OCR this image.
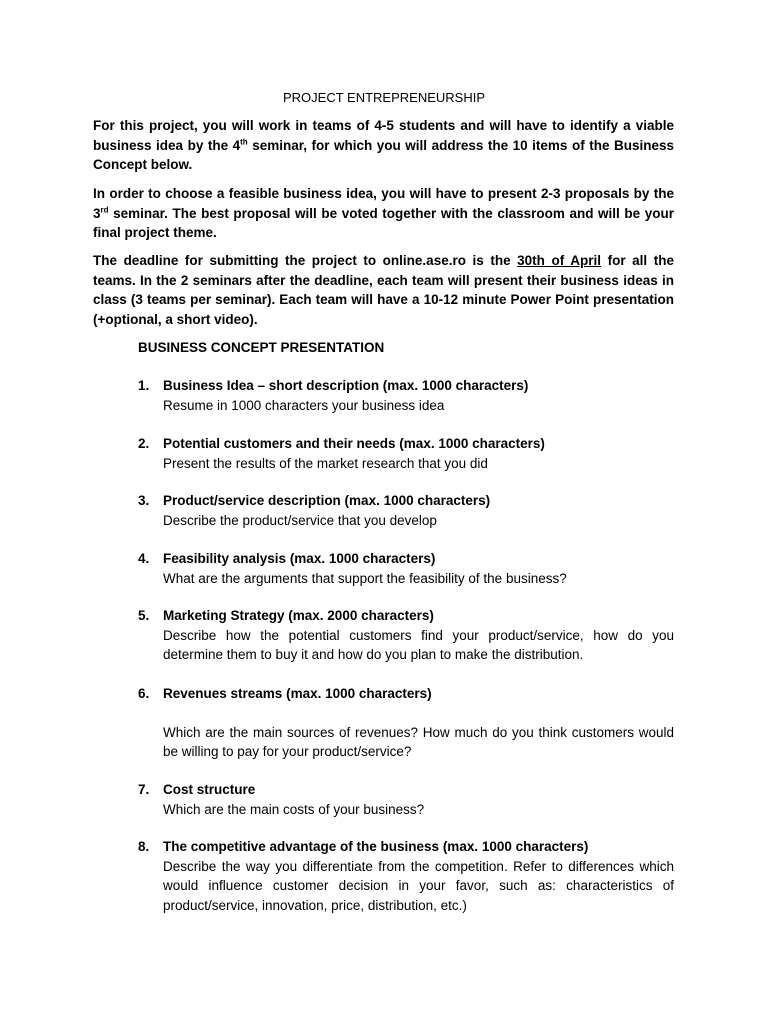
PROJECT ENTREPRENEURSHIP

For this project, you will work in teams of 4-5 students and will have to identify a viable business idea by the 4th seminar, for which you will address the 10 items of the Business Concept below.

In order to choose a feasible business idea, you will have to present 2-3 proposals by the 3rd seminar. The best proposal will be voted together with the classroom and will be your final project theme.

The deadline for submitting the project to online.ase.ro is the 30th of April for all the teams. In the 2 seminars after the deadline, each team will present their business ideas in class (3 teams per seminar). Each team will have a 10-12 minute Power Point presentation (+optional, a short video).

BUSINESS CONCEPT PRESENTATION
1.	Business Idea – short description (max. 1000 characters)
Resume in 1000 characters your business idea
2.	Potential customers and their needs (max. 1000 characters)
Present the results of the market research that you did
3.	Product/service description (max. 1000 characters)
Describe the product/service that you develop
4.	Feasibility analysis (max. 1000 characters)
What are the arguments that support the feasibility of the business?
5.	Marketing Strategy (max. 2000 characters)
Describe how the potential customers find your product/service, how do you determine them to buy it and how do you plan to make the distribution.
6.	Revenues streams (max. 1000 characters)
Which are the main sources of revenues? How much do you think customers would be willing to pay for your product/service?
7.	Cost structure
Which are the main costs of your business?
8.	The competitive advantage of the business (max. 1000 characters)
Describe the way you differentiate from the competition. Refer to differences which would influence customer decision in your favor, such as: characteristics of product/service, innovation, price, distribution, etc.)
